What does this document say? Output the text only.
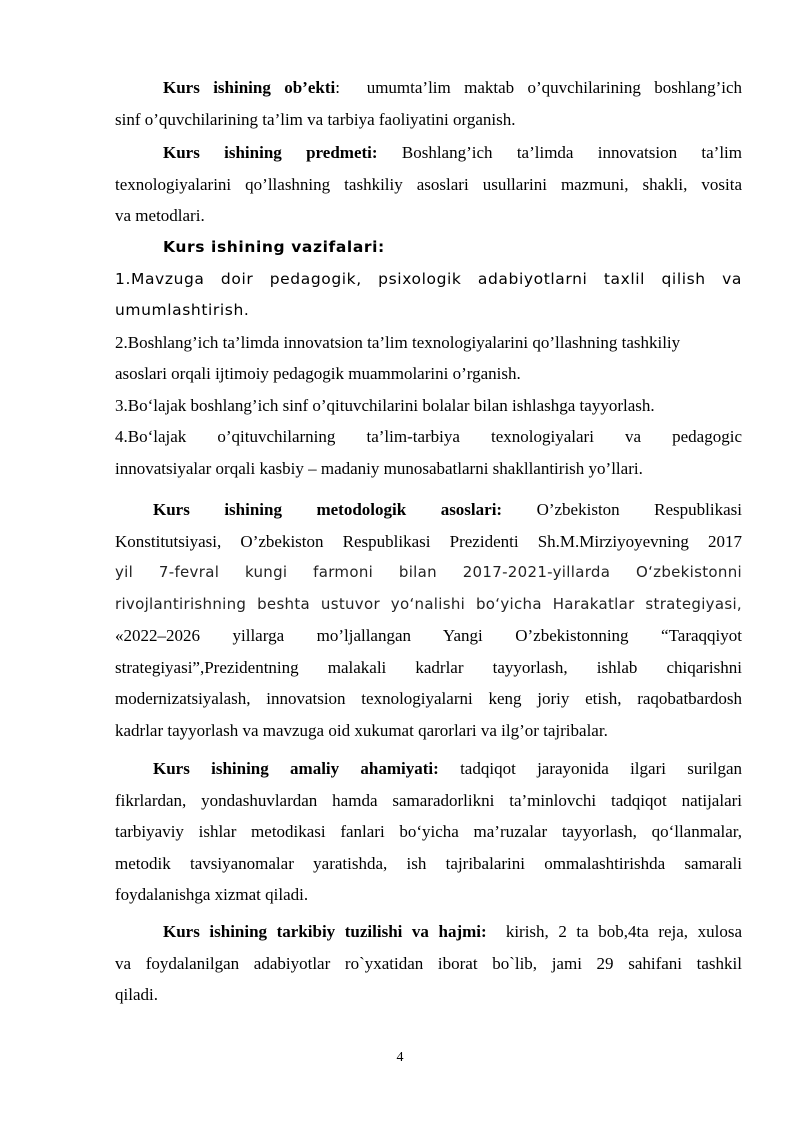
Kurs ishining ob’ekti:  umumta’lim maktab o’quvchilarining boshlang’ich
sinf o’quvchilarining ta’lim va tarbiya faoliyatini organish.
Kurs ishining predmeti: Boshlang’ich ta’limda innovatsion ta’lim
texnologiyalarini qo’llashning tashkiliy asoslari usullarini mazmuni, shakli, vosita
va metodlari.
Kurs ishining vazifalari:
1.Mavzuga doir pedagogik, psixologik adabiyotlarni taxlil qilish va
umumlashtirish.
2.Boshlang’ich ta’limda innovatsion ta’lim texnologiyalarini qo’llashning tashkiliy
asoslari orqali ijtimoiy pedagogik muammolarini o’rganish.
3.Bo‘lajak boshlang’ich sinf o’qituvchilarini bolalar bilan ishlashga tayyorlash.
4.Bo‘lajak o’qituvchilarning ta’lim-tarbiya texnologiyalari va pedagogic
innovatsiyalar orqali kasbiy – madaniy munosabatlarni shakllantirish yo’llari.
Kurs ishining metodologik asoslari: O’zbekiston Respublikasi
Konstitutsiyasi, O’zbekiston Respublikasi Prezidenti Sh.M.Mirziyoyevning 2017
yil 7-fevral kungi farmoni bilan 2017-2021-yillarda O‘zbekistonni
rivojlantirishning beshta ustuvor yo‘nalishi bo‘yicha Harakatlar strategiyasi,
«2022–2026 yillarga mo’ljallangan Yangi O’zbekistonning “Taraqqiyot
strategiyasi”,Prezidentning malakali kadrlar tayyorlash, ishlab chiqarishni
modernizatsiyalash, innovatsion texnologiyalarni keng joriy etish, raqobatbardosh
kadrlar tayyorlash va mavzuga oid xukumat qarorlari va ilg’or tajribalar.
Kurs ishining amaliy ahamiyati: tadqiqot jarayonida ilgari surilgan
fikrlardan, yondashuvlardan hamda samaradorlikni ta’minlovchi tadqiqot natijalari
tarbiyaviy ishlar metodikasi fanlari bo‘yicha ma’ruzalar tayyorlash, qo‘llanmalar,
metodik tavsiyanomalar yaratishda, ish tajribalarini ommalashtirishda samarali
foydalanishga xizmat qiladi.
Kurs ishining tarkibiy tuzilishi va hajmi: kirish, 2 ta bob,4ta reja, xulosa
va foydalanilgan adabiyotlar ro`yxatidan iborat bo`lib, jami 29 sahifani tashkil
qiladi.
4
